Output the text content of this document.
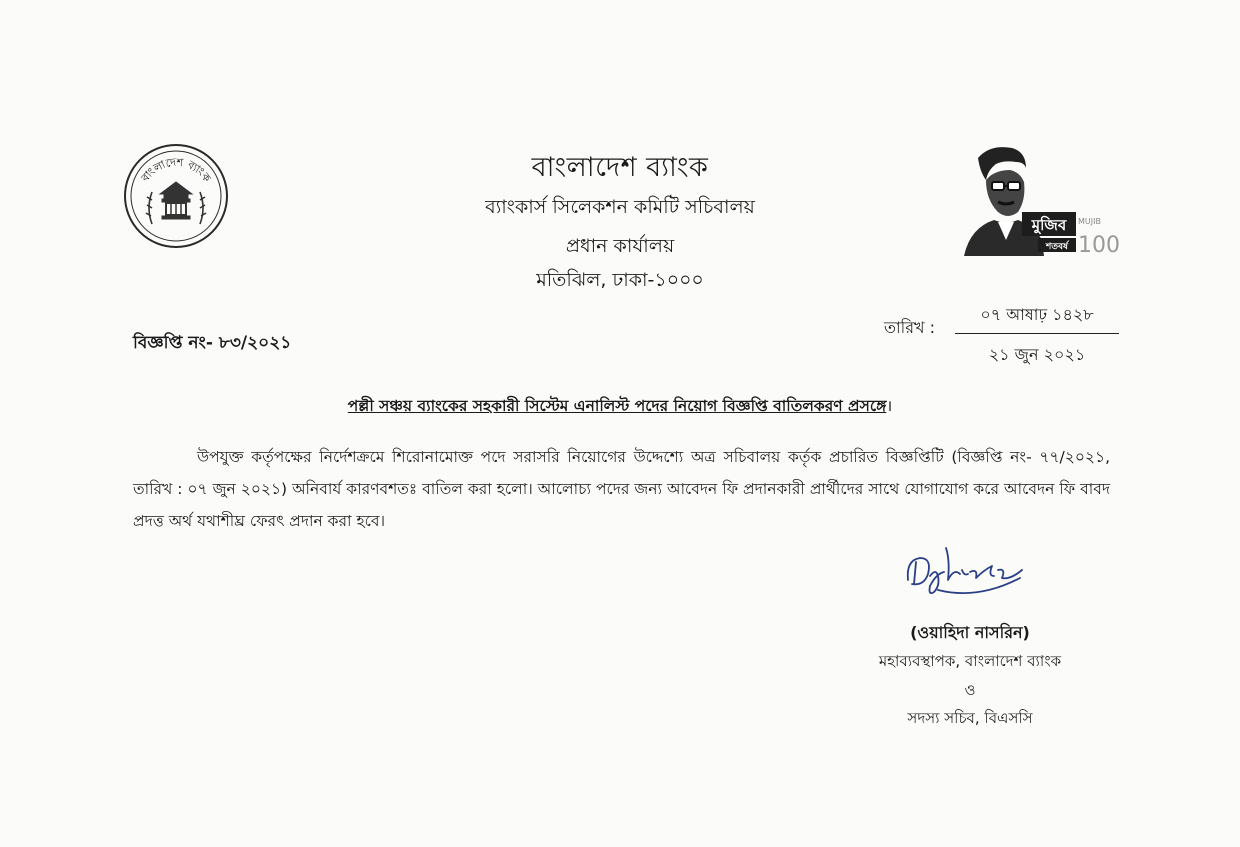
বাংলাদেশ ব্যাংক	বাংলাদেশ ব্যাংক
ব্যাংকার্স সিলেকশন কমিটি সচিবালয়
প্রধান কার্যালয়
মতিঝিল, ঢাকা-১০০০
মুজিব MUJIB
শতবর্ষ 100
বিজ্ঞপ্তি নং- ৮৩/২০২১
তারিখ :
০৭ আষাঢ় ১৪২৮
২১ জুন ২০২১
পল্লী সঞ্চয় ব্যাংকের সহকারী সিস্টেম এনালিস্ট পদের নিয়োগ বিজ্ঞপ্তি বাতিলকরণ প্রসঙ্গে।
উপযুক্ত কর্তৃপক্ষের নির্দেশক্রমে শিরোনামোক্ত পদে সরাসরি নিয়োগের উদ্দেশ্যে অত্র সচিবালয় কর্তৃক প্রচারিত বিজ্ঞপ্তিটি (বিজ্ঞপ্তি নং- ৭৭/২০২১, তারিখ : ০৭ জুন ২০২১) অনিবার্য কারণবশতঃ বাতিল করা হলো। আলোচ্য পদের জন্য আবেদন ফি প্রদানকারী প্রার্থীদের সাথে যোগাযোগ করে আবেদন ফি বাবদ প্রদত্ত অর্থ যথাশীঘ্র ফেরৎ প্রদান করা হবে।
(ওয়াহিদা নাসরিন)
মহাব্যবস্থাপক, বাংলাদেশ ব্যাংক
ও
সদস্য সচিব, বিএসসি
